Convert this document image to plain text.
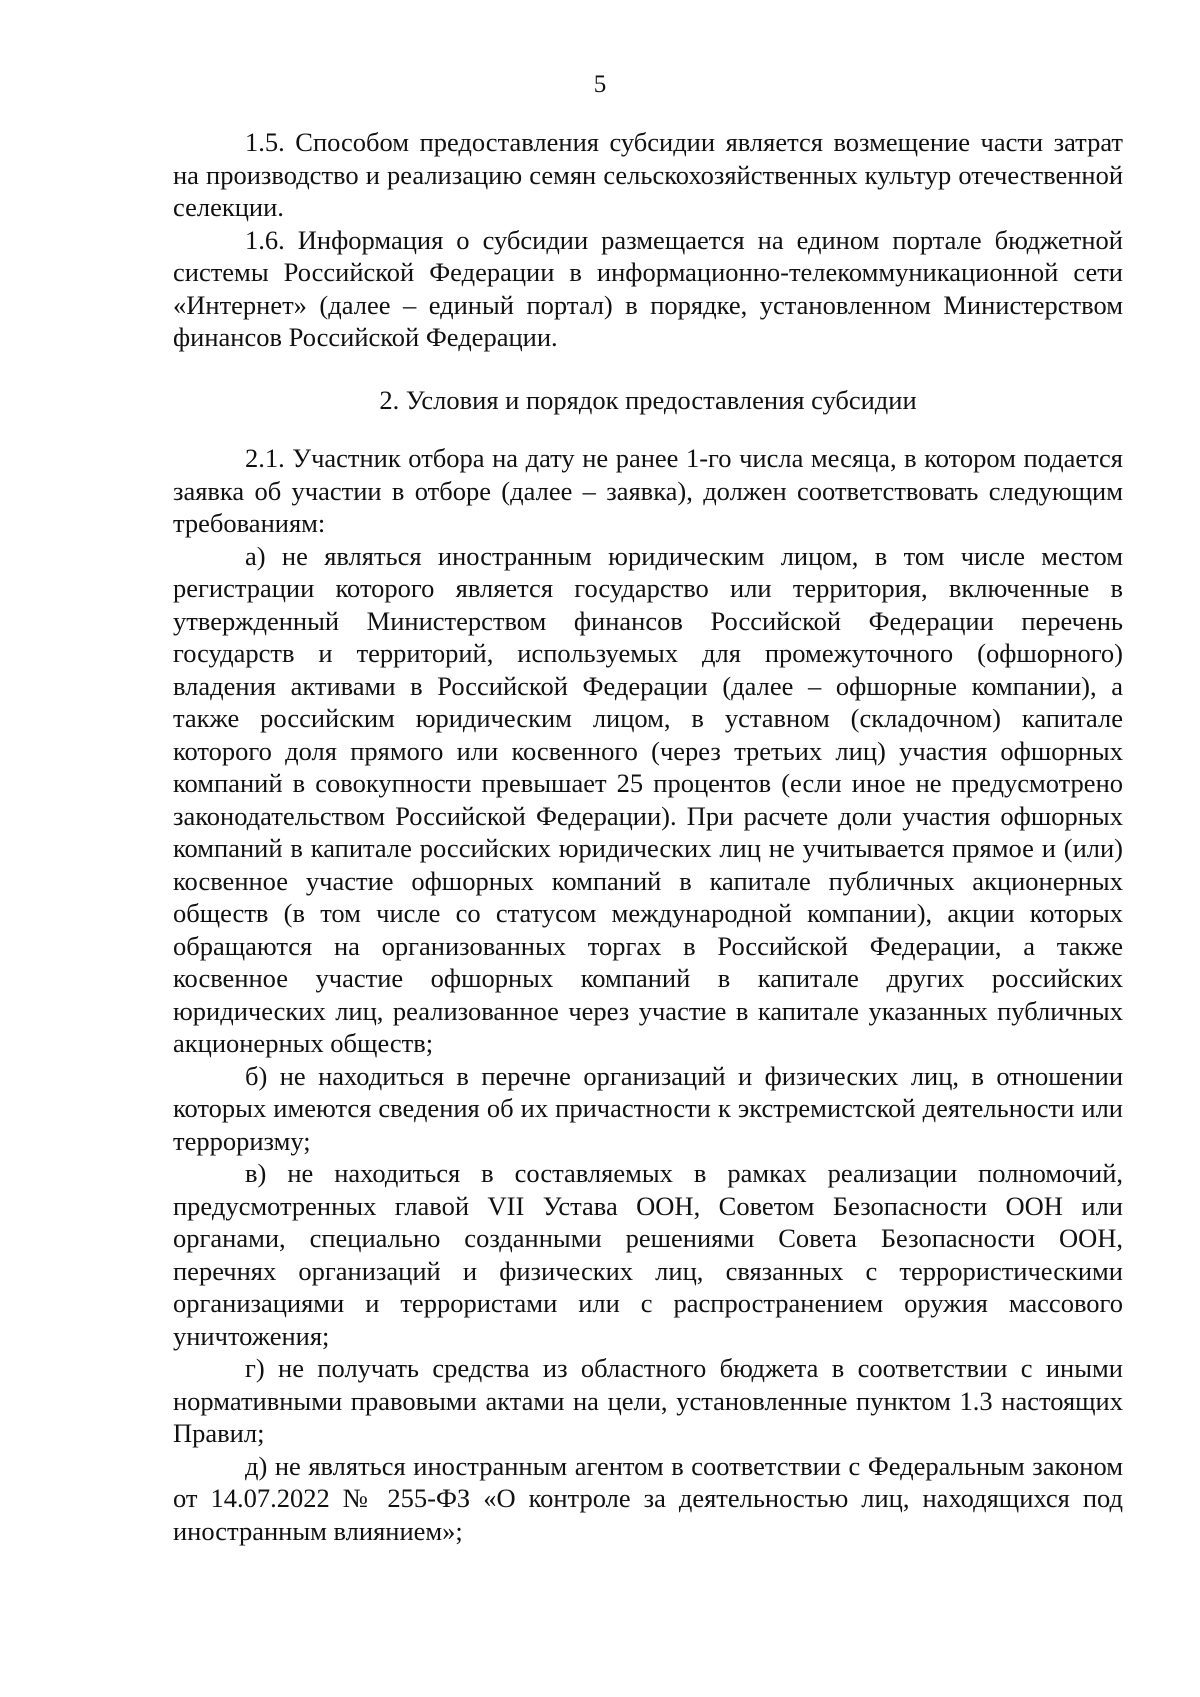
5

1.5. Способом предоставления субсидии является возмещение части затрат на производство и реализацию семян сельскохозяйственных культур отечественной селекции.

1.6. Информация о субсидии размещается на едином портале бюджетной системы Российской Федерации в информационно-телекоммуникационной сети «Интернет» (далее – единый портал) в порядке, установленном Министерством финансов Российской Федерации.

2. Условия и порядок предоставления субсидии

2.1. Участник отбора на дату не ранее 1-го числа месяца, в котором подается заявка об участии в отборе (далее – заявка), должен соответствовать следующим требованиям:

а) не являться иностранным юридическим лицом, в том числе местом регистрации которого является государство или территория, включенные в утвержденный Министерством финансов Российской Федерации перечень государств и территорий, используемых для промежуточного (офшорного) владения активами в Российской Федерации (далее – офшорные компании), а также российским юридическим лицом, в уставном (складочном) капитале которого доля прямого или косвенного (через третьих лиц) участия офшорных компаний в совокупности превышает 25 процентов (если иное не предусмотрено законодательством Российской Федерации). При расчете доли участия офшорных компаний в капитале российских юридических лиц не учитывается прямое и (или) косвенное участие офшорных компаний в капитале публичных акционерных обществ (в том числе со статусом международной компании), акции которых обращаются на организованных торгах в Российской Федерации, а также косвенное участие офшорных компаний в капитале других российских юридических лиц, реализованное через участие в капитале указанных публичных акционерных обществ;

б) не находиться в перечне организаций и физических лиц, в отношении которых имеются сведения об их причастности к экстремистской деятельности или терроризму;

в) не находиться в составляемых в рамках реализации полномочий, предусмотренных главой VII Устава ООН, Советом Безопасности ООН или органами, специально созданными решениями Совета Безопасности ООН, перечнях организаций и физических лиц, связанных с террористическими организациями и террористами или с распространением оружия массового уничтожения;

г) не получать средства из областного бюджета в соответствии с иными нормативными правовыми актами на цели, установленные пунктом 1.3 настоящих Правил;

д) не являться иностранным агентом в соответствии с Федеральным законом от 14.07.2022 № 255-ФЗ «О контроле за деятельностью лиц, находящихся под иностранным влиянием»;
